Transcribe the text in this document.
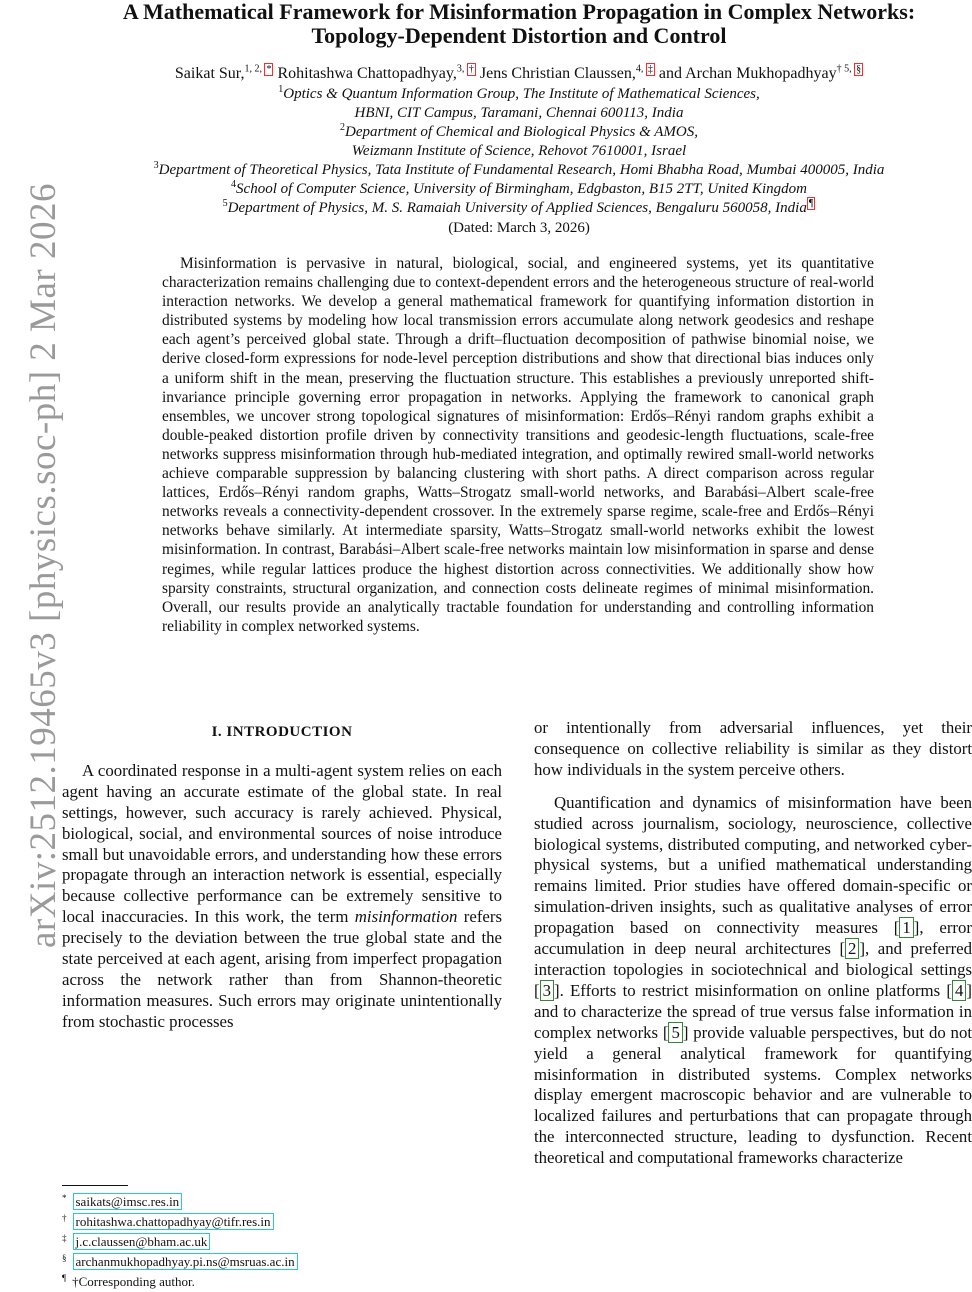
arXiv:2512.19465v3 [physics.soc-ph] 2 Mar 2026
A Mathematical Framework for Misinformation Propagation in Complex Networks:
Topology-Dependent Distortion and Control
Saikat Sur,$^{1, 2,}$ * Rohitashwa Chattopadhyay,$^{3,}$ † Jens Christian Claussen,$^{4,}$ ‡ and Archan Mukhopadhyay$^{\dagger 5,}$ §
$^1$Optics & Quantum Information Group, The Institute of Mathematical Sciences,
HBNI, CIT Campus, Taramani, Chennai 600113, India
$^2$Department of Chemical and Biological Physics & AMOS,
Weizmann Institute of Science, Rehovot 7610001, Israel
$^3$Department of Theoretical Physics, Tata Institute of Fundamental Research, Homi Bhabha Road, Mumbai 400005, India
$^4$School of Computer Science, University of Birmingham, Edgbaston, B15 2TT, United Kingdom
$^5$Department of Physics, M. S. Ramaiah University of Applied Sciences, Bengaluru 560058, India ¶
(Dated: March 3, 2026)

Misinformation is pervasive in natural, biological, social, and engineered systems, yet its quantitative characterization remains challenging due to context-dependent errors and the heterogeneous structure of real-world interaction networks. We develop a general mathematical framework for quantifying information distortion in distributed systems by modeling how local transmission errors accumulate along network geodesics and reshape each agent’s perceived global state. Through a drift–fluctuation decomposition of pathwise binomial noise, we derive closed-form expressions for node-level perception distributions and show that directional bias induces only a uniform shift in the mean, preserving the fluctuation structure. This establishes a previously unreported shift-invariance principle governing error propagation in networks. Applying the framework to canonical graph ensembles, we uncover strong topological signatures of misinformation: Erdős–Rényi random graphs exhibit a double-peaked distortion profile driven by connectivity transitions and geodesic-length fluctuations, scale-free networks suppress misinformation through hub-mediated integration, and optimally rewired small-world networks achieve comparable suppression by balancing clustering with short paths. A direct comparison across regular lattices, Erdős–Rényi random graphs, Watts–Strogatz small-world networks, and Barabási–Albert scale-free networks reveals a connectivity-dependent crossover. In the extremely sparse regime, scale-free and Erdős–Rényi networks behave similarly. At intermediate sparsity, Watts–Strogatz small-world networks exhibit the lowest misinformation. In contrast, Barabási–Albert scale-free networks maintain low misinformation in sparse and dense regimes, while regular lattices produce the highest distortion across connectivities. We additionally show how sparsity constraints, structural organization, and connection costs delineate regimes of minimal misinformation. Overall, our results provide an analytically tractable foundation for understanding and controlling information reliability in complex networked systems.

I. INTRODUCTION

A coordinated response in a multi-agent system relies on each agent having an accurate estimate of the global state. In real settings, however, such accuracy is rarely achieved. Physical, biological, social, and environmental sources of noise introduce small but unavoidable errors, and understanding how these errors propagate through an interaction network is essential, especially because collective performance can be extremely sensitive to local inaccuracies. In this work, the term misinformation refers precisely to the deviation between the true global state and the state perceived at each agent, arising from imperfect propagation across the network rather than from Shannon-theoretic information measures. Such errors may originate unintentionally from stochastic processes

or intentionally from adversarial influences, yet their consequence on collective reliability is similar as they distort how individuals in the system perceive others.

Quantification and dynamics of misinformation have been studied across journalism, sociology, neuroscience, collective biological systems, distributed computing, and networked cyber-physical systems, but a unified mathematical understanding remains limited. Prior studies have offered domain-specific or simulation-driven insights, such as qualitative analyses of error propagation based on connectivity measures [ 1 ], error accumulation in deep neural architectures [ 2 ], and preferred interaction topologies in sociotechnical and biological settings [ 3 ]. Efforts to restrict misinformation on online platforms [ 4 ] and to characterize the spread of true versus false information in complex networks [ 5 ] provide valuable perspectives, but do not yield a general analytical framework for quantifying misinformation in distributed systems. Complex networks display emergent macroscopic behavior and are vulnerable to localized failures and perturbations that can propagate through the interconnected structure, leading to dysfunction. Recent theoretical and computational frameworks characterize

* saikats@imsc.res.in
† rohitashwa.chattopadhyay@tifr.res.in
‡ j.c.claussen@bham.ac.uk
§ archanmukhopadhyay.pi.ns@msruas.ac.in
¶ †Corresponding author.
